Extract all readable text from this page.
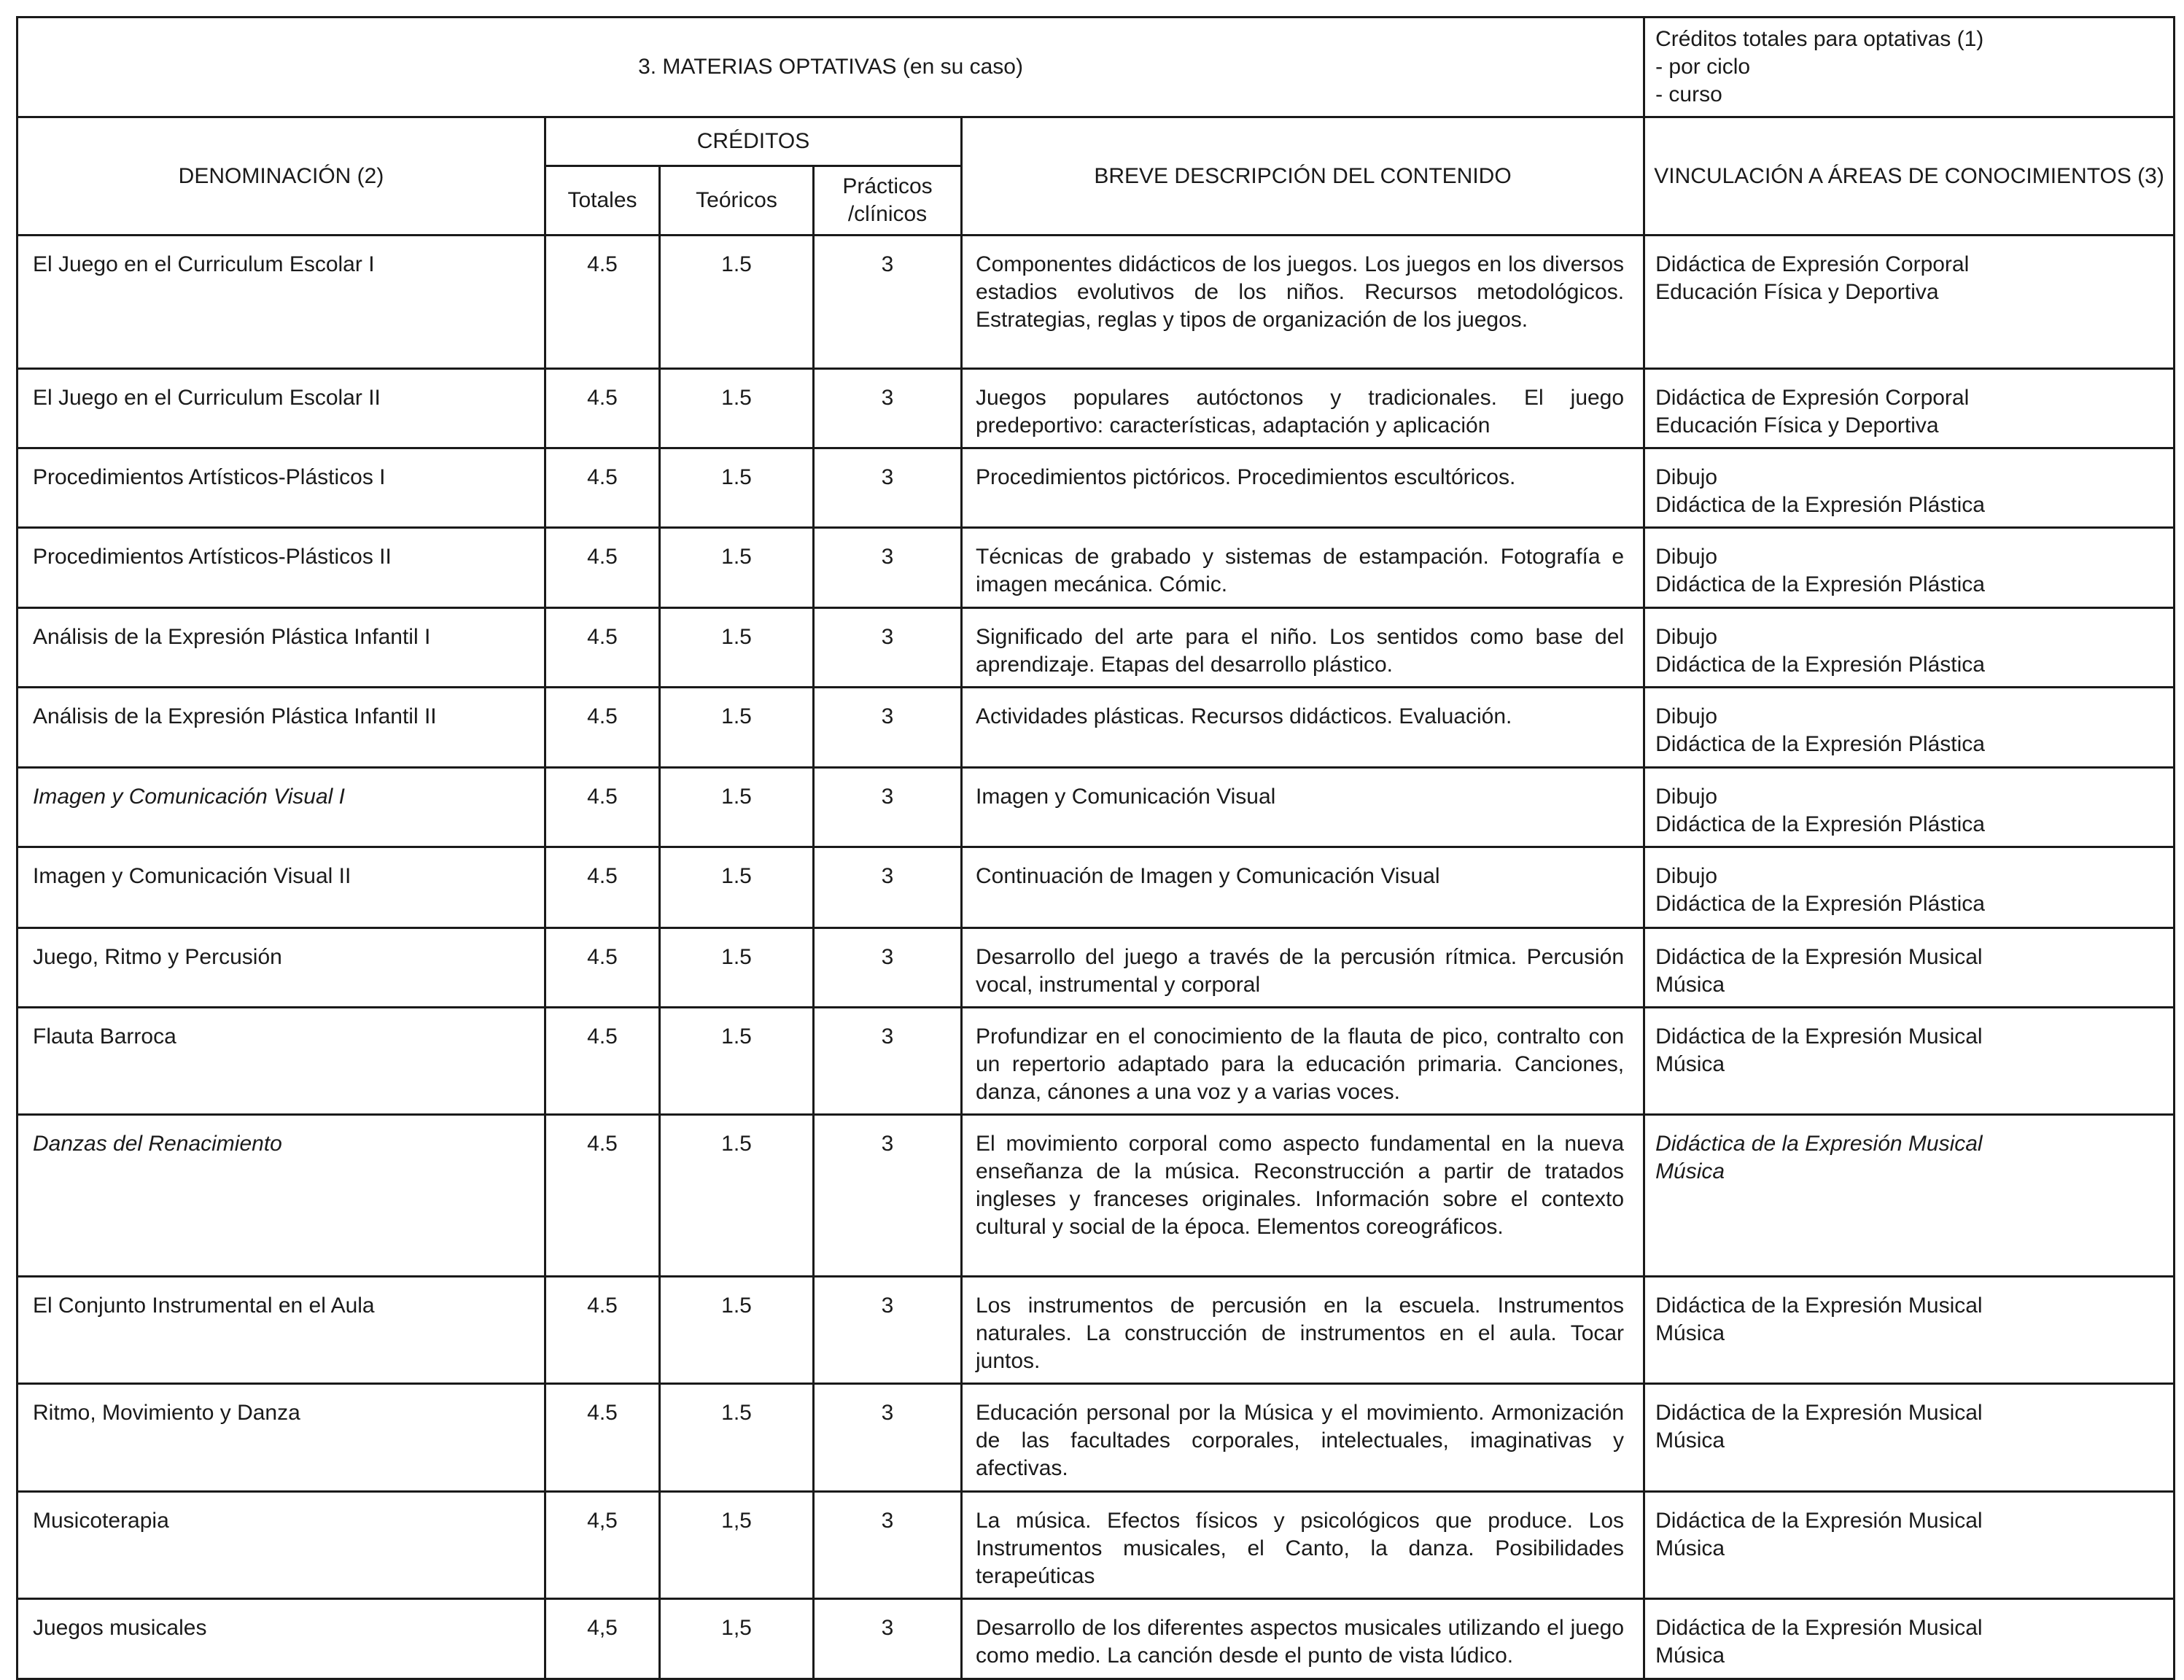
3. MATERIAS OPTATIVAS (en su caso)					Créditos totales para optativas (1)
- por ciclo
- curso

DENOMINACIÓN (2)	CRÉDITOS			BREVE DESCRIPCIÓN DEL CONTENIDO	VINCULACIÓN A ÁREAS DE CONOCIMIENTOS (3)
	Totales	Teóricos	Prácticos
/clínicos		

El Juego en el Curriculum Escolar I	4.5	1.5	3	Componentes didácticos de los juegos. Los juegos en los diversos estadios evolutivos de los niños. Recursos metodológicos. Estrategias, reglas y tipos de organización de los juegos.	Didáctica de Expresión Corporal
Educación Física y Deportiva

El Juego en el Curriculum Escolar II	4.5	1.5	3	Juegos populares autóctonos y tradicionales. El juego predeportivo: características, adaptación y aplicación	Didáctica de Expresión Corporal
Educación Física y Deportiva

Procedimientos Artísticos-Plásticos I	4.5	1.5	3	Procedimientos pictóricos. Procedimientos escultóricos.	Dibujo
Didáctica de la Expresión Plástica

Procedimientos Artísticos-Plásticos II	4.5	1.5	3	Técnicas de grabado y sistemas de estampación. Fotografía e imagen mecánica. Cómic.	Dibujo
Didáctica de la Expresión Plástica

Análisis de la Expresión Plástica Infantil I	4.5	1.5	3	Significado del arte para el niño. Los sentidos como base del aprendizaje. Etapas del desarrollo plástico.	Dibujo
Didáctica de la Expresión Plástica

Análisis de la Expresión Plástica Infantil II	4.5	1.5	3	Actividades plásticas. Recursos didácticos. Evaluación.	Dibujo
Didáctica de la Expresión Plástica

Imagen y Comunicación Visual I	4.5	1.5	3	Imagen y Comunicación Visual	Dibujo
Didáctica de la Expresión Plástica

Imagen y Comunicación Visual II	4.5	1.5	3	Continuación de Imagen y Comunicación Visual	Dibujo
Didáctica de la Expresión Plástica

Juego, Ritmo y Percusión	4.5	1.5	3	Desarrollo del juego a través de la percusión rítmica. Percusión vocal, instrumental y corporal	Didáctica de la Expresión Musical
Música

Flauta Barroca	4.5	1.5	3	Profundizar en el conocimiento de la flauta de pico, contralto con un repertorio adaptado para la educación primaria. Canciones, danza, cánones a una voz y a varias voces.	Didáctica de la Expresión Musical
Música

Danzas del Renacimiento	4.5	1.5	3	El movimiento corporal como aspecto fundamental en la nueva enseñanza de la música. Reconstrucción a partir de tratados ingleses y franceses originales. Información sobre el contexto cultural y social de la época. Elementos coreográficos.	Didáctica de la Expresión Musical
Música

El Conjunto Instrumental en el Aula	4.5	1.5	3	Los instrumentos de percusión en la escuela. Instrumentos naturales. La construcción de instrumentos en el aula. Tocar juntos.	Didáctica de la Expresión Musical
Música

Ritmo, Movimiento y Danza	4.5	1.5	3	Educación personal por la Música y el movimiento. Armonización de las facultades corporales, intelectuales, imaginativas y afectivas.	Didáctica de la Expresión Musical
Música

Musicoterapia	4,5	1,5	3	La música. Efectos físicos y psicológicos que produce. Los Instrumentos musicales, el Canto, la danza. Posibilidades terapeúticas	Didáctica de la Expresión Musical
Música

Juegos musicales	4,5	1,5	3	Desarrollo de los diferentes aspectos musicales utilizando el juego como medio. La canción desde el punto de vista lúdico.	Didáctica de la Expresión Musical
Música
